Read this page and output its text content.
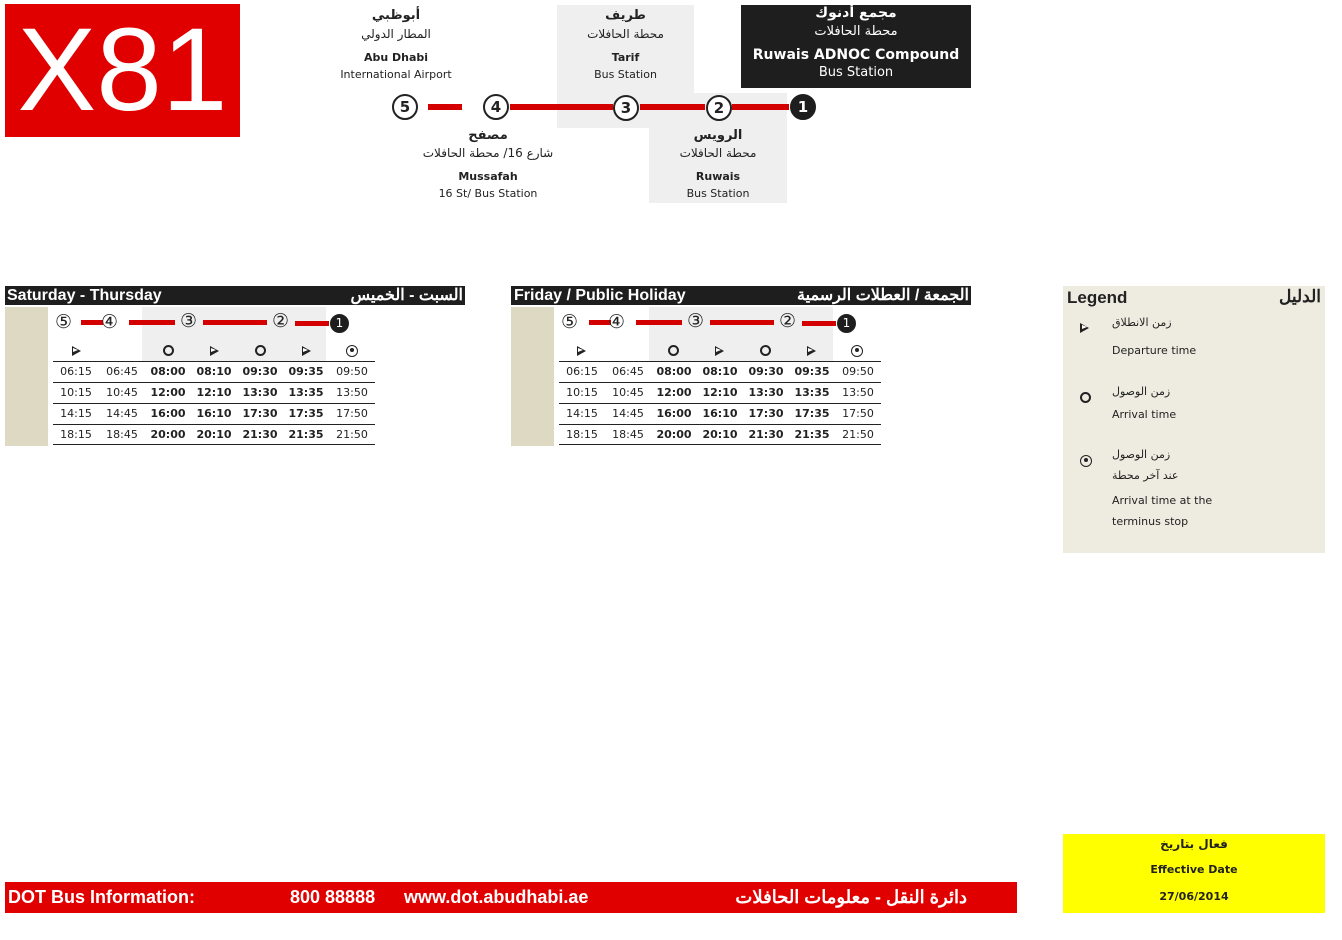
X81	أبوظبي
المطار الدولي
Abu Dhabi
International Airport
طريف
محطة الحافلات
Tarif
Bus Station
مجمع أدنوك
محطة الحافلات
Ruwais ADNOC Compound
Bus Station
مصفح
شارع 16/ محطة الحافلات
Mussafah
16 St/ Bus Station
الرويس
محطة الحافلات
Ruwais
Bus Station
5	4	3	2	1
Saturday - Thursday	السبت - الخميس
⑤ ④	③	②	1
06:15	06:45	08:00 08:10 09:30 09:35	09:50
10:15	10:45	12:00 12:10 13:30 13:35	13:50
14:15	14:45	16:00 16:10 17:30 17:35	17:50
18:15	18:45	20:00 20:10 21:30 21:35	21:50
Friday / Public Holiday	الجمعة / العطلات الرسمية
⑤ ④	③	②	1
06:15	06:45	08:00 08:10 09:30 09:35	09:50
10:15	10:45	12:00 12:10 13:30 13:35	13:50
14:15	14:45	16:00 16:10 17:30 17:35	17:50
18:15	18:45	20:00 20:10 21:30 21:35	21:50
Legend	الدليل
زمن الانطلاق
Departure time
زمن الوصول
Arrival time
زمن الوصول
عند آخر محطة
Arrival time at the
terminus stop
فعال بتاريخ
Effective Date
27/06/2014
DOT Bus Information:	800 88888 www.dot.abudhabi.ae	دائرة النقل - معلومات الحافلات
